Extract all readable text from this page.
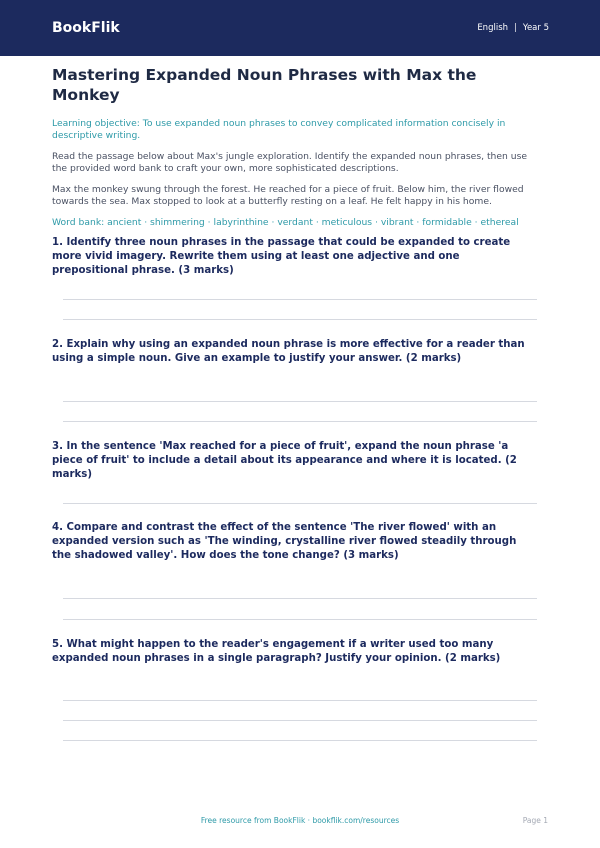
BookFlik	English | Year 5
Mastering Expanded Noun Phrases with Max the Monkey

Learning objective: To use expanded noun phrases to convey complicated information concisely in descriptive writing.

Read the passage below about Max's jungle exploration. Identify the expanded noun phrases, then use the provided word bank to craft your own, more sophisticated descriptions.

Max the monkey swung through the forest. He reached for a piece of fruit. Below him, the river flowed towards the sea. Max stopped to look at a butterfly resting on a leaf. He felt happy in his home.

Word bank: ancient · shimmering · labyrinthine · verdant · meticulous · vibrant · formidable · ethereal

1. Identify three noun phrases in the passage that could be expanded to create more vivid imagery. Rewrite them using at least one adjective and one prepositional phrase. (3 marks)

2. Explain why using an expanded noun phrase is more effective for a reader than using a simple noun. Give an example to justify your answer. (2 marks)

3. In the sentence 'Max reached for a piece of fruit', expand the noun phrase 'a piece of fruit' to include a detail about its appearance and where it is located. (2 marks)

4. Compare and contrast the effect of the sentence 'The river flowed' with an expanded version such as 'The winding, crystalline river flowed steadily through the shadowed valley'. How does the tone change? (3 marks)

5. What might happen to the reader's engagement if a writer used too many expanded noun phrases in a single paragraph? Justify your opinion. (2 marks)

Free resource from BookFlik · bookflik.com/resources	Page 1
